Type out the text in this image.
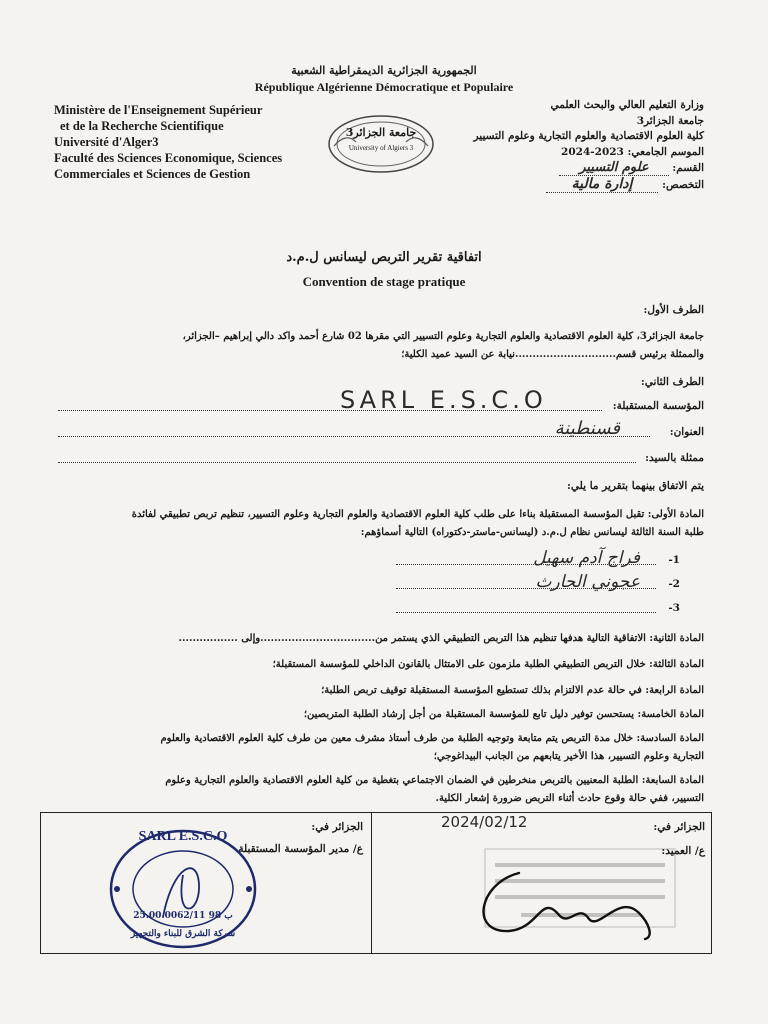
الجمهورية الجزائرية الديمقراطية الشعبية
République Algérienne Démocratique et Populaire
Ministère de l'Enseignement Supérieur
et de la Recherche Scientifique
Université d'Alger3
Faculté des Sciences Economique, Sciences
Commerciales et Sciences de Gestion
جامعة الجزائر3
University of Algiers 3
وزارة التعليم العالي والبحث العلمي
جامعة الجزائر3
كلية العلوم الاقتصادية والعلوم التجارية وعلوم التسيير
الموسم الجامعي: 2023-2024
القسم: علوم التسيير
التخصص: إدارة مالية
اتفاقية تقرير التربص ليسانس ل.م.د
Convention de stage pratique
الطرف الأول:
جامعة الجزائر3، كلية العلوم الاقتصادية والعلوم التجارية وعلوم التسيير التي مقرها 02 شارع أحمد واكد دالي إبراهيم –الجزائر،
والممثلة برئيس قسم.............................نيابة عن السيد عميد الكلية؛
الطرف الثاني:
المؤسسة المستقبلة:
SARL E.S.C.O
العنوان:
قسنطينة
ممثلة بالسيد:
يتم الاتفاق بينهما بتقرير ما يلي:
المادة الأولى: تقبل المؤسسة المستقبلة بناءا على طلب كلية العلوم الاقتصادية والعلوم التجارية وعلوم التسيير، تنظيم تربص تطبيقي لفائدة
طلبة السنة الثالثة ليسانس نظام ل.م.د (ليسانس-ماستر-دكتوراه) التالية أسماؤهم:
-1
فراج آدم سهيل
-2
عجوني الحارث
-3
المادة الثانية: الاتفاقية التالية هدفها تنظيم هذا التربص التطبيقي الذي يستمر من.................................وإلى .................
المادة الثالثة: خلال التربص التطبيقي الطلبة ملزمون على الامتثال بالقانون الداخلي للمؤسسة المستقبلة؛
المادة الرابعة: في حالة عدم الالتزام بذلك تستطيع المؤسسة المستقبلة توقيف تربص الطلبة؛
المادة الخامسة: يستحسن توفير دليل تابع للمؤسسة المستقبلة من أجل إرشاد الطلبة المتربصين؛
المادة السادسة: خلال مدة التربص يتم متابعة وتوجيه الطلبة من طرف أستاذ مشرف معين من طرف كلية العلوم الاقتصادية والعلوم
التجارية وعلوم التسيير، هذا الأخير يتابعهم من الجانب البيداغوجي؛
المادة السابعة: الطلبة المعنيين بالتربص منخرطين في الضمان الاجتماعي بتغطية من كلية العلوم الاقتصادية والعلوم التجارية وعلوم
التسيير، ففي حالة وقوع حادث أثناء التربص ضرورة إشعار الكلية.
الجزائر في:
ع/ مدير المؤسسة المستقبلة
SARL E.S.C.O
25.00.0062/11 ب 98
شركة الشرق للبناء والتجهيز
الجزائر في:
2024/02/12
ع/ العميد:
